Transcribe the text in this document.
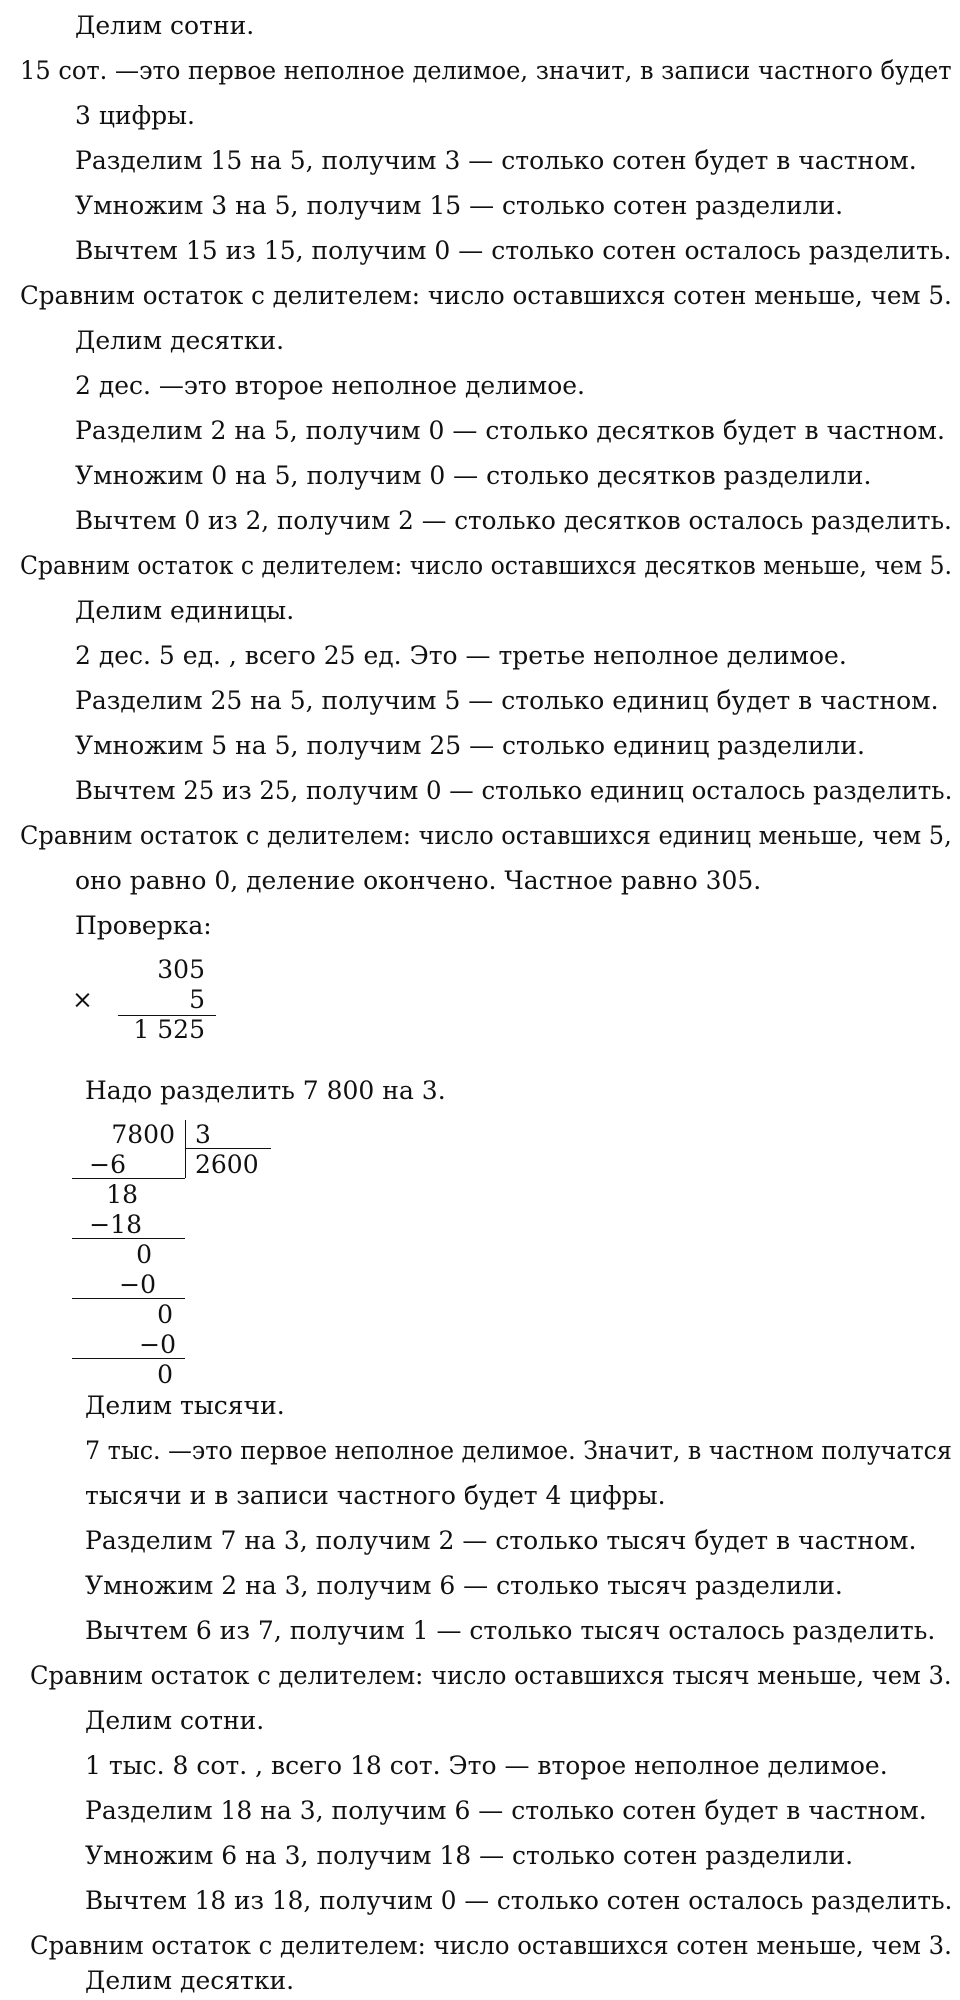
Делим сотни.
15 сот. —это первое неполное делимое, значит, в записи частного будет
3 цифры.
Разделим 15 на 5, получим 3 — столько сотен будет в частном.
Умножим 3 на 5, получим 15 — столько сотен разделили.
Вычтем 15 из 15, получим 0 — столько сотен осталось разделить.
Сравним остаток с делителем: число оставшихся сотен меньше, чем 5.
Делим десятки.
2 дес. —это второе неполное делимое.
Разделим 2 на 5, получим 0 — столько десятков будет в частном.
Умножим 0 на 5, получим 0 — столько десятков разделили.
Вычтем 0 из 2, получим 2 — столько десятков осталось разделить.
Сравним остаток с делителем: число оставшихся десятков меньше, чем 5.
Делим единицы.
2 дес. 5 ед. , всего 25 ед. Это — третье неполное делимое.
Разделим 25 на 5, получим 5 — столько единиц будет в частном.
Умножим 5 на 5, получим 25 — столько единиц разделили.
Вычтем 25 из 25, получим 0 — столько единиц осталось разделить.
Сравним остаток с делителем: число оставшихся единиц меньше, чем 5,
оно равно 0, деление окончено. Частное равно 305.
Проверка:
305
×	5
1 525
Надо разделить 7 800 на 3.
7800 3
2600
−6
18
−18
0
−0
0
−0
0
Делим тысячи.
7 тыс. —это первое неполное делимое. Значит, в частном получатся
тысячи и в записи частного будет 4 цифры.
Разделим 7 на 3, получим 2 — столько тысяч будет в частном.
Умножим 2 на 3, получим 6 — столько тысяч разделили.
Вычтем 6 из 7, получим 1 — столько тысяч осталось разделить.
Сравним остаток с делителем: число оставшихся тысяч меньше, чем 3.
Делим сотни.
1 тыс. 8 сот. , всего 18 сот. Это — второе неполное делимое.
Разделим 18 на 3, получим 6 — столько сотен будет в частном.
Умножим 6 на 3, получим 18 — столько сотен разделили.
Вычтем 18 из 18, получим 0 — столько сотен осталось разделить.
Сравним остаток с делителем: число оставшихся сотен меньше, чем 3.
Делим десятки.
